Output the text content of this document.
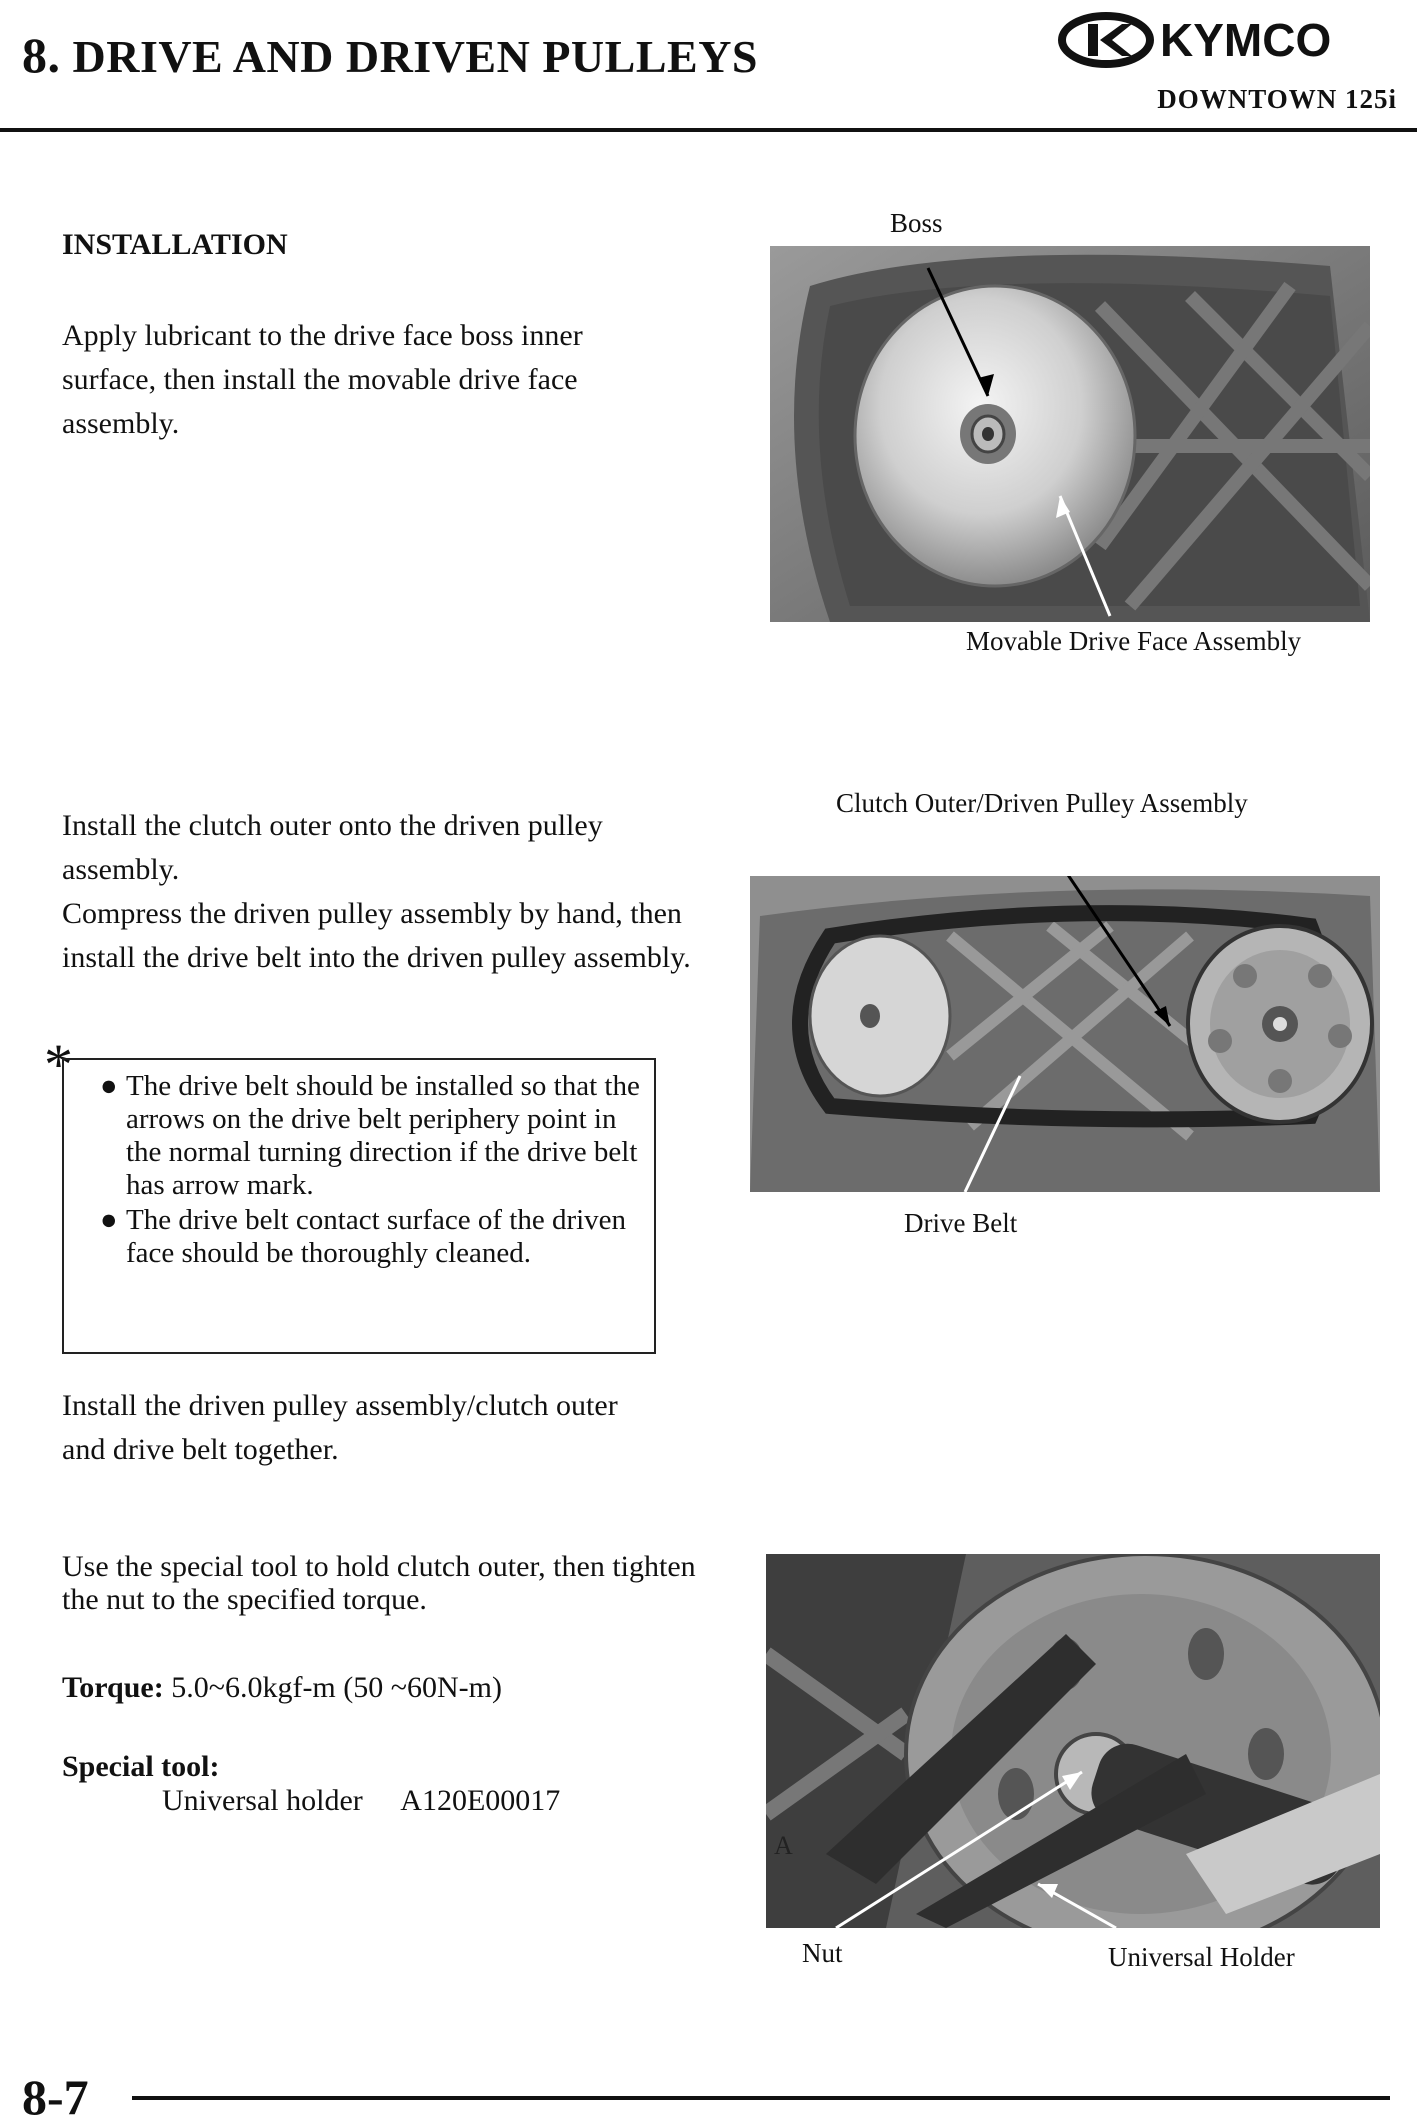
8. DRIVE AND DRIVEN PULLEYS	KYMCO
DOWNTOWN 125i
INSTALLATION
Apply lubricant to the drive face boss inner surface, then install the movable drive face assembly.
Install the clutch outer onto the driven pulley assembly.
Compress the driven pulley assembly by hand, then install the drive belt into the driven pulley assembly.
* ● The drive belt should be installed so that the arrows on the drive belt periphery point in the normal turning direction if the drive belt has arrow mark.
● The drive belt contact surface of the driven face should be thoroughly cleaned.
Install the driven pulley assembly/clutch outer and drive belt together.
Use the special tool to hold clutch outer, then tighten the nut to the specified torque.
Torque: 5.0~6.0kgf-m (50 ~60N-m)
Special tool:
Universal holder A120E00017
Boss
Movable Drive Face Assembly
Clutch Outer/Driven Pulley Assembly
Drive Belt
A
Nut	Universal Holder
8-7
